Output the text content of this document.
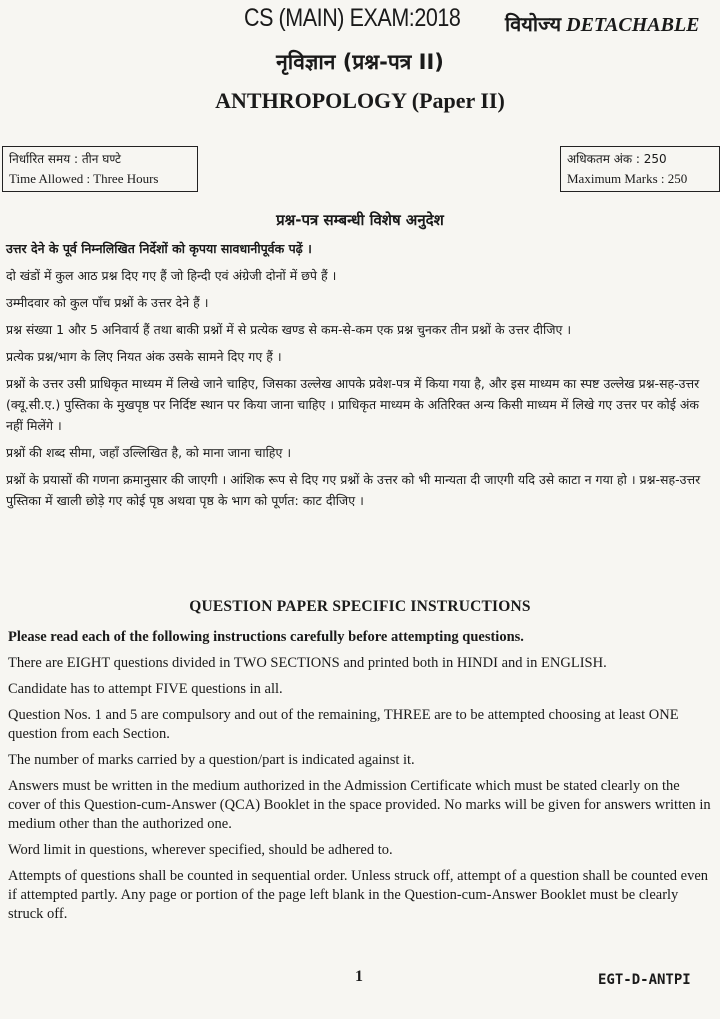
CS (MAIN) EXAM:2018 वियोज्य DETACHABLE
नृविज्ञान (प्रश्न-पत्र II)
ANTHROPOLOGY (Paper II)
निर्धारित समय : तीन घण्टे
Time Allowed : Three Hours
अधिकतम अंक : 250
Maximum Marks : 250
प्रश्न-पत्र सम्बन्धी विशेष अनुदेश

उत्तर देने के पूर्व निम्नलिखित निर्देशों को कृपया सावधानीपूर्वक पढ़ें ।

दो खंडों में कुल आठ प्रश्न दिए गए हैं जो हिन्दी एवं अंग्रेजी दोनों में छपे हैं ।

उम्मीदवार को कुल पाँच प्रश्नों के उत्तर देने हैं ।

प्रश्न संख्या 1 और 5 अनिवार्य हैं तथा बाकी प्रश्नों में से प्रत्येक खण्ड से कम-से-कम एक प्रश्न चुनकर तीन प्रश्नों के उत्तर दीजिए ।

प्रत्येक प्रश्न/भाग के लिए नियत अंक उसके सामने दिए गए हैं ।

प्रश्नों के उत्तर उसी प्राधिकृत माध्यम में लिखे जाने चाहिए, जिसका उल्लेख आपके प्रवेश-पत्र में किया गया है, और इस माध्यम का स्पष्ट उल्लेख प्रश्न-सह-उत्तर (क्यू.सी.ए.) पुस्तिका के मुखपृष्ठ पर निर्दिष्ट स्थान पर किया जाना चाहिए । प्राधिकृत माध्यम के अतिरिक्त अन्य किसी माध्यम में लिखे गए उत्तर पर कोई अंक नहीं मिलेंगे ।

प्रश्नों की शब्द सीमा, जहाँ उल्लिखित है, को माना जाना चाहिए ।

प्रश्नों के प्रयासों की गणना क्रमानुसार की जाएगी । आंशिक रूप से दिए गए प्रश्नों के उत्तर को भी मान्यता दी जाएगी यदि उसे काटा न गया हो । प्रश्न-सह-उत्तर पुस्तिका में खाली छोड़े गए कोई पृष्ठ अथवा पृष्ठ के भाग को पूर्णत: काट दीजिए ।

QUESTION PAPER SPECIFIC INSTRUCTIONS

Please read each of the following instructions carefully before attempting questions.

There are EIGHT questions divided in TWO SECTIONS and printed both in HINDI and in ENGLISH.

Candidate has to attempt FIVE questions in all.

Question Nos. 1 and 5 are compulsory and out of the remaining, THREE are to be attempted choosing at least ONE question from each Section.

The number of marks carried by a question/part is indicated against it.

Answers must be written in the medium authorized in the Admission Certificate which must be stated clearly on the cover of this Question-cum-Answer (QCA) Booklet in the space provided. No marks will be given for answers written in medium other than the authorized one.

Word limit in questions, wherever specified, should be adhered to.

Attempts of questions shall be counted in sequential order. Unless struck off, attempt of a question shall be counted even if attempted partly. Any page or portion of the page left blank in the Question-cum-Answer Booklet must be clearly struck off.

1	EGT-D-ANTPI
